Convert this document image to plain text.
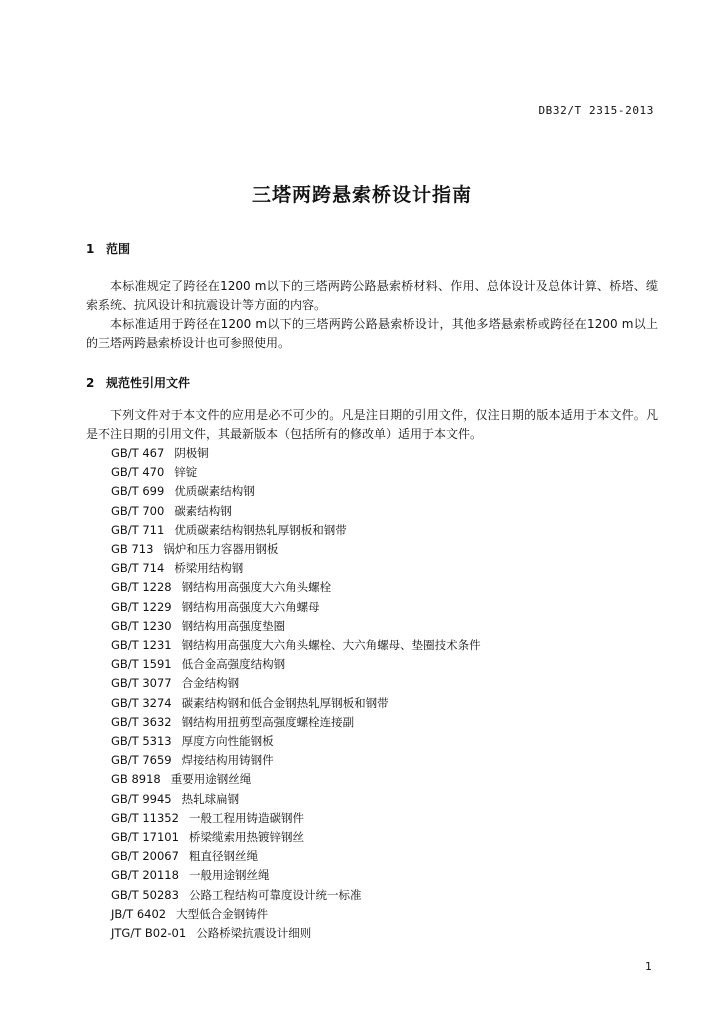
DB32/T 2315-2013
三塔两跨悬索桥设计指南
1 范围

本标准规定了跨径在1200 m以下的三塔两跨公路悬索桥材料、作用、总体设计及总体计算、桥塔、缆索系统、抗风设计和抗震设计等方面的内容。

本标准适用于跨径在1200 m以下的三塔两跨公路悬索桥设计，其他多塔悬索桥或跨径在1200 m以上的三塔两跨悬索桥设计也可参照使用。

2 规范性引用文件

下列文件对于本文件的应用是必不可少的。凡是注日期的引用文件，仅注日期的版本适用于本文件。凡是不注日期的引用文件，其最新版本（包括所有的修改单）适用于本文件。

GB/T 467 阴极铜
GB/T 470 锌锭
GB/T 699 优质碳素结构钢
GB/T 700 碳素结构钢
GB/T 711 优质碳素结构钢热轧厚钢板和钢带
GB 713 锅炉和压力容器用钢板
GB/T 714 桥梁用结构钢
GB/T 1228 钢结构用高强度大六角头螺栓
GB/T 1229 钢结构用高强度大六角螺母
GB/T 1230 钢结构用高强度垫圈
GB/T 1231 钢结构用高强度大六角头螺栓、大六角螺母、垫圈技术条件
GB/T 1591 低合金高强度结构钢
GB/T 3077 合金结构钢
GB/T 3274 碳素结构钢和低合金钢热轧厚钢板和钢带
GB/T 3632 钢结构用扭剪型高强度螺栓连接副
GB/T 5313 厚度方向性能钢板
GB/T 7659 焊接结构用铸钢件
GB 8918 重要用途钢丝绳
GB/T 9945 热轧球扁钢
GB/T 11352 一般工程用铸造碳钢件
GB/T 17101 桥梁缆索用热镀锌钢丝
GB/T 20067 粗直径钢丝绳
GB/T 20118 一般用途钢丝绳
GB/T 50283 公路工程结构可靠度设计统一标准
JB/T 6402 大型低合金钢铸件
JTG/T B02-01 公路桥梁抗震设计细则
1
